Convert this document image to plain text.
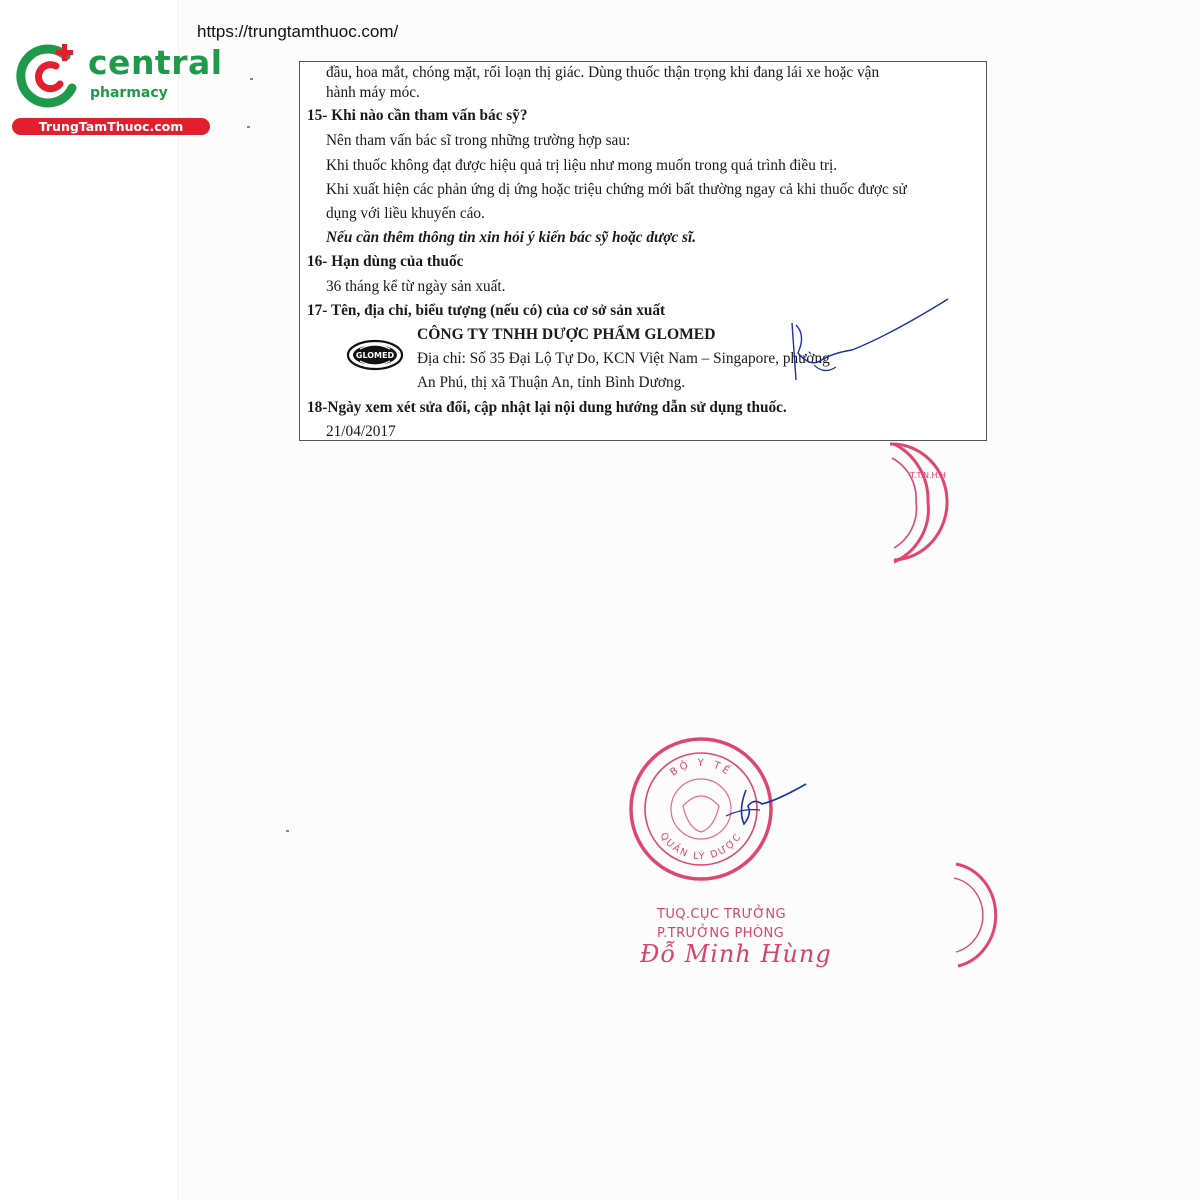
https://trungtamthuoc.com/
central
pharmacy
TrungTamThuoc.com
đầu, hoa mắt, chóng mặt, rối loạn thị giác. Dùng thuốc thận trọng khi đang lái xe hoặc vận
hành máy móc.
15- Khi nào cần tham vấn bác sỹ?
Nên tham vấn bác sĩ trong những trường hợp sau:
Khi thuốc không đạt được hiệu quả trị liệu như mong muốn trong quá trình điều trị.
Khi xuất hiện các phản ứng dị ứng hoặc triệu chứng mới bất thường ngay cả khi thuốc được sử
dụng với liều khuyến cáo.
Nếu cần thêm thông tin xin hỏi ý kiến bác sỹ hoặc dược sĩ.
16- Hạn dùng của thuốc
36 tháng kể từ ngày sản xuất.
17- Tên, địa chỉ, biểu tượng (nếu có) của cơ sở sản xuất
CÔNG TY TNHH DƯỢC PHẨM GLOMED
Địa chỉ: Số 35 Đại Lộ Tự Do, KCN Việt Nam – Singapore, phường
An Phú, thị xã Thuận An, tỉnh Bình Dương.
18-Ngày xem xét sửa đổi, cập nhật lại nội dung hướng dẫn sử dụng thuốc.
21/04/2017
GLOMED
T.T.N.H.H
BỘ Y TẾ
QUẢN LÝ DƯỢC
TUQ.CỤC TRƯỞNG
P.TRƯỞNG PHÒNG
Đỗ Minh Hùng
